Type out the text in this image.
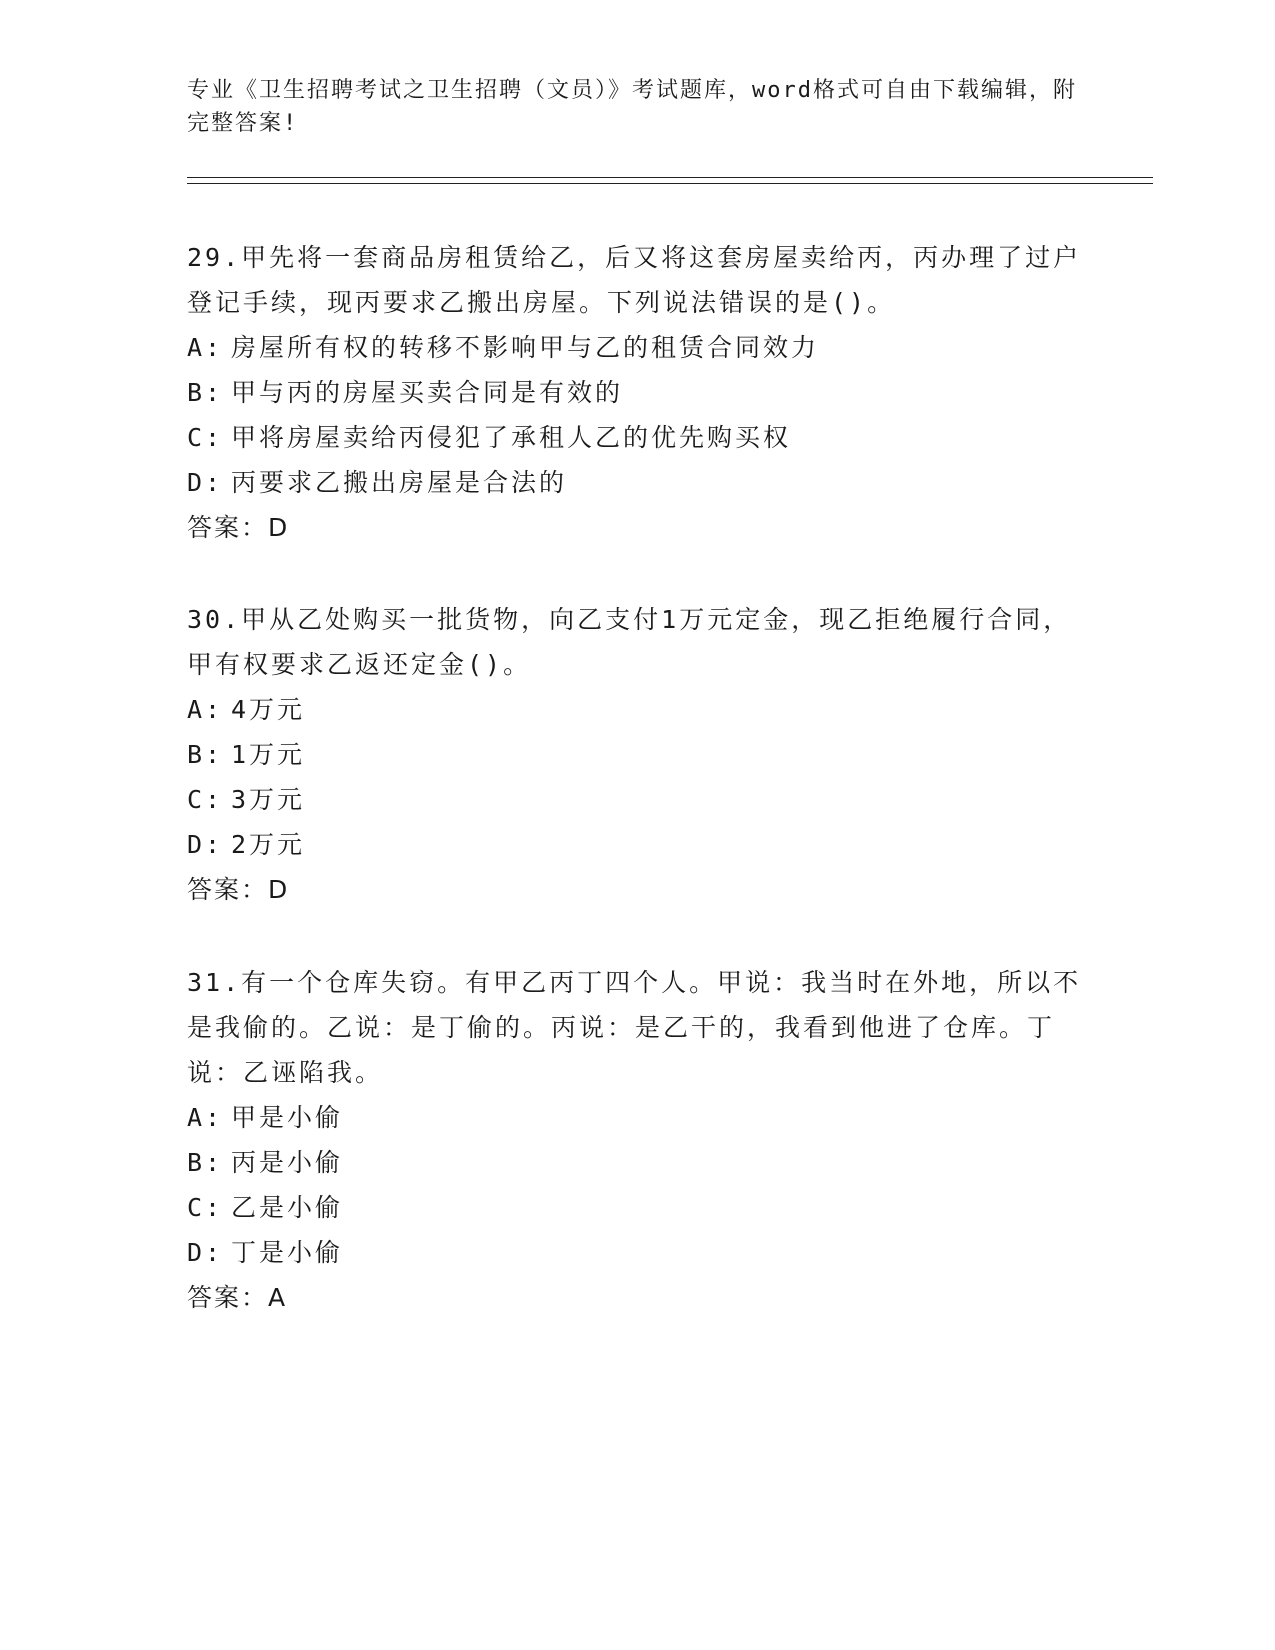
专业《卫生招聘考试之卫生招聘（文员）》考试题库，word格式可自由下载编辑，附完整答案!
29.甲先将一套商品房租赁给乙，后又将这套房屋卖给丙，丙办理了过户登记手续，现丙要求乙搬出房屋。下列说法错误的是()。
A: 房屋所有权的转移不影响甲与乙的租赁合同效力
B: 甲与丙的房屋买卖合同是有效的
C: 甲将房屋卖给丙侵犯了承租人乙的优先购买权
D: 丙要求乙搬出房屋是合法的
答案：D
30.甲从乙处购买一批货物，向乙支付1万元定金，现乙拒绝履行合同，甲有权要求乙返还定金()。
A: 4万元
B: 1万元
C: 3万元
D: 2万元
答案：D
31.有一个仓库失窃。有甲乙丙丁四个人。甲说：我当时在外地，所以不是我偷的。乙说：是丁偷的。丙说：是乙干的，我看到他进了仓库。丁说：乙诬陷我。
A: 甲是小偷
B: 丙是小偷
C: 乙是小偷
D: 丁是小偷
答案：A
